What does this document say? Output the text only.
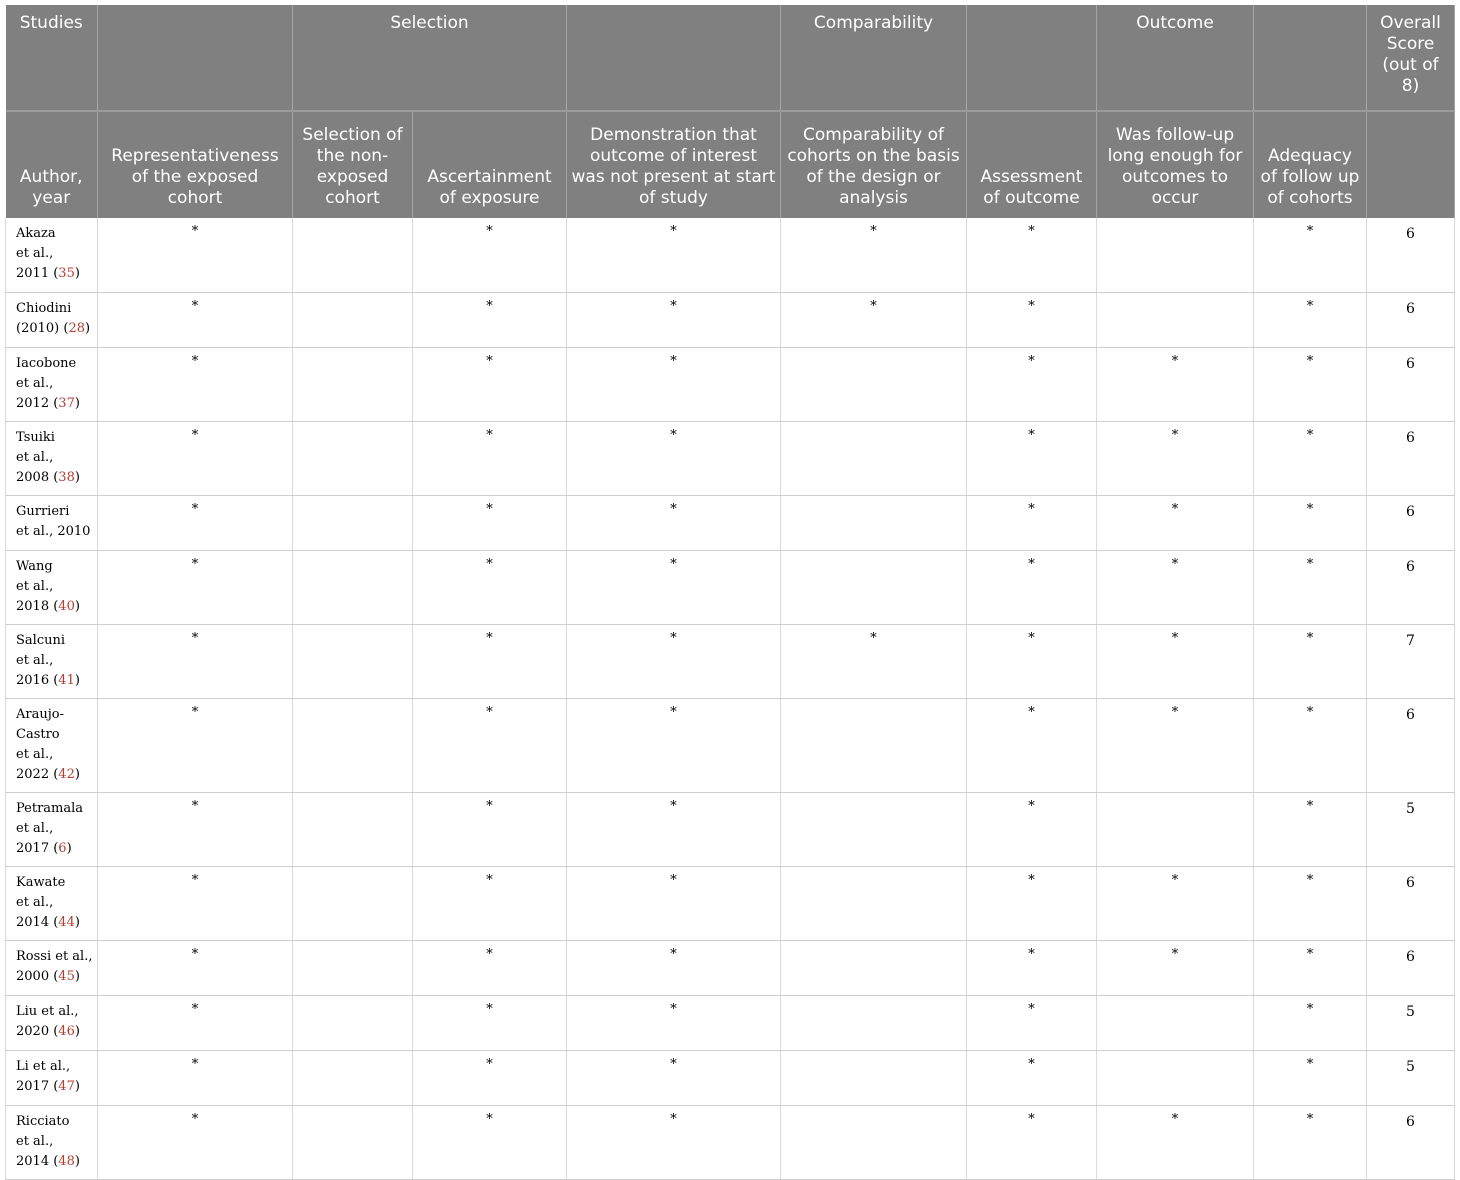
Studies		Selection			Comparability		Outcome		Overall Score (out of 8)
Author, year	Representativeness of the exposed cohort	Selection of the non-exposed cohort	Ascertainment of exposure	Demonstration that outcome of interest was not present at start of study	Comparability of cohorts on the basis of the design or analysis	Assessment of outcome	Was follow-up long enough for outcomes to occur	Adequacy of follow up of cohorts	
Akaza
et al.,
2011 (35)	*		*	*	*	*		*	6
Chiodini
(2010) (28)	*		*	*	*	*		*	6
Iacobone
et al.,
2012 (37)	*		*	*		*	*	*	6
Tsuiki
et al.,
2008 (38)	*		*	*		*	*	*	6
Gurrieri
et al., 2010	*		*	*		*	*	*	6
Wang
et al.,
2018 (40)	*		*	*		*	*	*	6
Salcuni
et al.,
2016 (41)	*		*	*	*	*	*	*	7
Araujo-
Castro
et al.,
2022 (42)	*		*	*		*	*	*	6
Petramala
et al.,
2017 (6)	*		*	*		*		*	5
Kawate
et al.,
2014 (44)	*		*	*		*	*	*	6
Rossi et al.,
2000 (45)	*		*	*		*	*	*	6
Liu et al.,
2020 (46)	*		*	*		*		*	5
Li et al.,
2017 (47)	*		*	*		*		*	5
Ricciato
et al.,
2014 (48)	*		*	*		*	*	*	6
